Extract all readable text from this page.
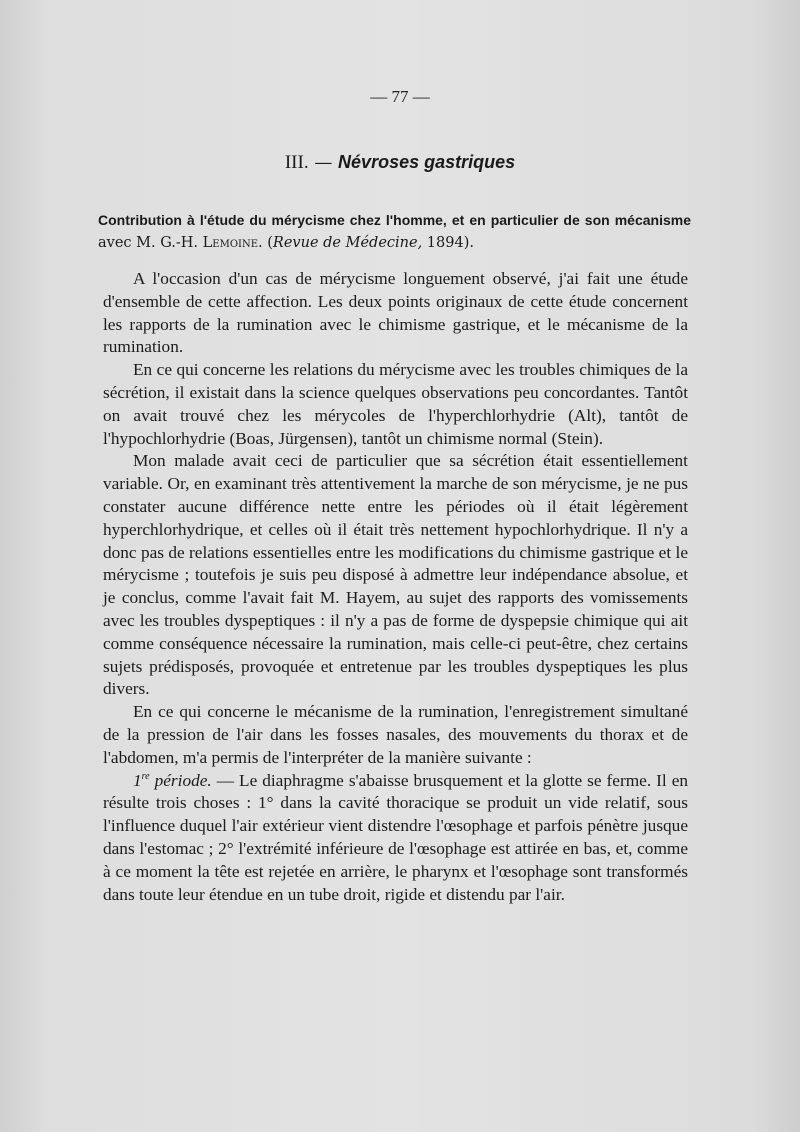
— 77 —
III. — Névroses gastriques
Contribution à l'étude du mérycisme chez l'homme, et en particulier de son mécanisme avec M. G.-H. Lemoine. (Revue de Médecine, 1894).

A l'occasion d'un cas de mérycisme longuement observé, j'ai fait une étude d'ensemble de cette affection. Les deux points originaux de cette étude concernent les rapports de la rumination avec le chimisme gastrique, et le mécanisme de la rumination.

En ce qui concerne les relations du mérycisme avec les troubles chimiques de la sécrétion, il existait dans la science quelques observations peu concordantes. Tantôt on avait trouvé chez les mérycoles de l'hyperchlorhydrie (Alt), tantôt de l'hypochlorhydrie (Boas, Jürgensen), tantôt un chimisme normal (Stein).

Mon malade avait ceci de particulier que sa sécrétion était essentiellement variable. Or, en examinant très attentivement la marche de son mérycisme, je ne pus constater aucune différence nette entre les périodes où il était légèrement hyperchlorhydrique, et celles où il était très nettement hypochlorhydrique. Il n'y a donc pas de relations essentielles entre les modifications du chimisme gastrique et le mérycisme ; toutefois je suis peu disposé à admettre leur indépendance absolue, et je conclus, comme l'avait fait M. Hayem, au sujet des rapports des vomissements avec les troubles dyspeptiques : il n'y a pas de forme de dyspepsie chimique qui ait comme conséquence nécessaire la rumination, mais celle-ci peut-être, chez certains sujets prédisposés, provoquée et entretenue par les troubles dyspeptiques les plus divers.

En ce qui concerne le mécanisme de la rumination, l'enregistrement simultané de la pression de l'air dans les fosses nasales, des mouvements du thorax et de l'abdomen, m'a permis de l'interpréter de la manière suivante :

1re période. — Le diaphragme s'abaisse brusquement et la glotte se ferme. Il en résulte trois choses : 1° dans la cavité thoracique se produit un vide relatif, sous l'influence duquel l'air extérieur vient distendre l'œsophage et parfois pénètre jusque dans l'estomac ; 2° l'extrémité inférieure de l'œsophage est attirée en bas, et, comme à ce moment la tête est rejetée en arrière, le pharynx et l'œsophage sont transformés dans toute leur étendue en un tube droit, rigide et distendu par l'air.
